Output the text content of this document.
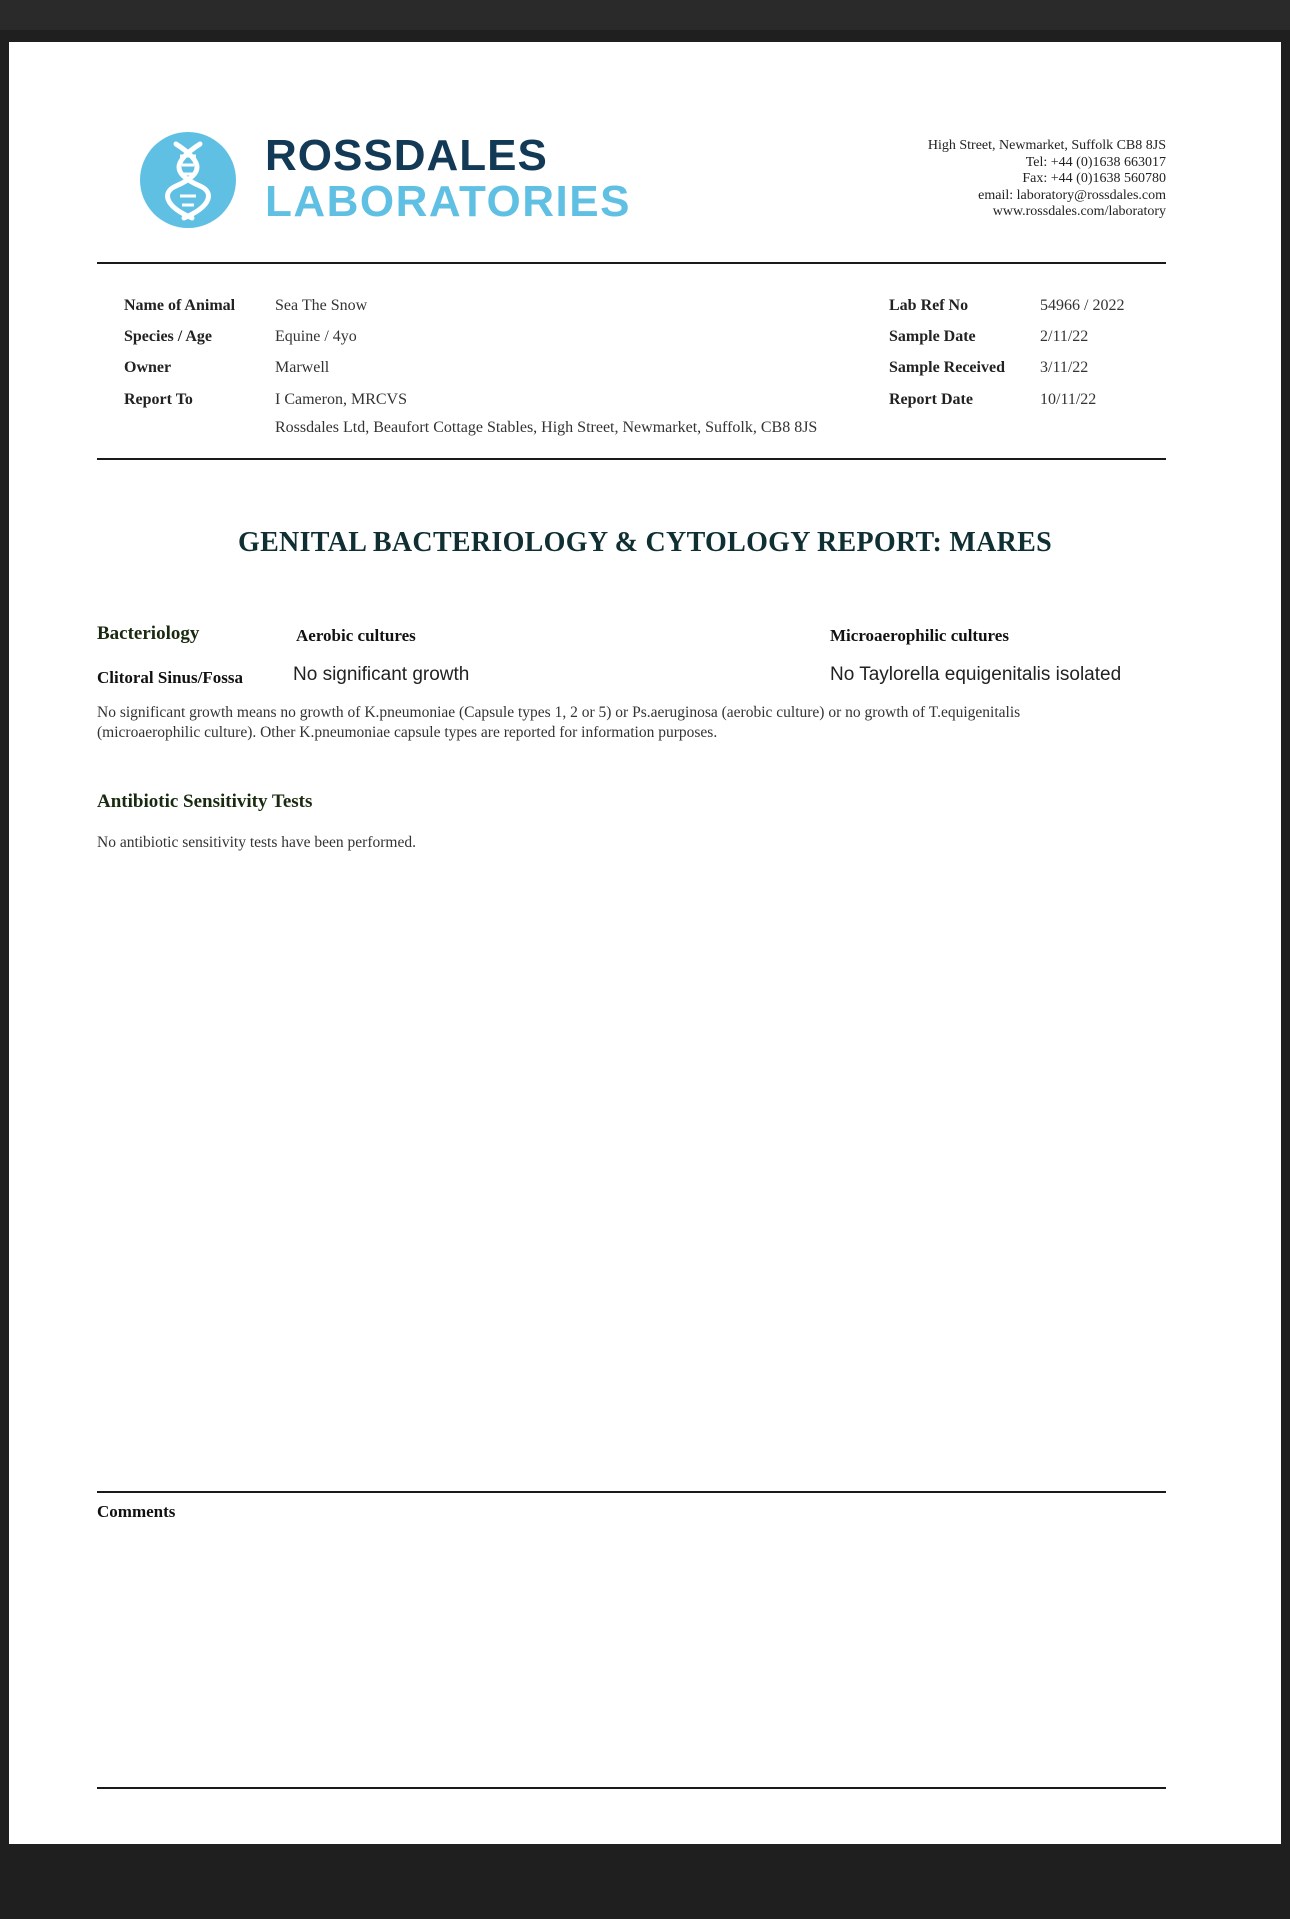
ROSSDALES
LABORATORIES
High Street, Newmarket, Suffolk CB8 8JS
Tel: +44 (0)1638 663017
Fax: +44 (0)1638 560780
email: laboratory@rossdales.com
www.rossdales.com/laboratory
Name of Animal Sea The Snow
Species / Age	Equine / 4yo
Owner	Marwell
Report To	I Cameron, MRCVS
Rossdales Ltd, Beaufort Cottage Stables, High Street, Newmarket, Suffolk, CB8 8JS
Lab Ref No	54966 / 2022
Sample Date	2/11/22
Sample Received 3/11/22
Report Date	10/11/22
GENITAL BACTERIOLOGY & CYTOLOGY REPORT: MARES
Bacteriology	Aerobic cultures	Microaerophilic cultures
Clitoral Sinus/Fossa	No significant growth	No Taylorella equigenitalis isolated
No significant growth means no growth of K.pneumoniae (Capsule types 1, 2 or 5) or Ps.aeruginosa (aerobic culture) or no growth of T.equigenitalis
(microaerophilic culture). Other K.pneumoniae capsule types are reported for information purposes.
Antibiotic Sensitivity Tests
No antibiotic sensitivity tests have been performed.
Comments
